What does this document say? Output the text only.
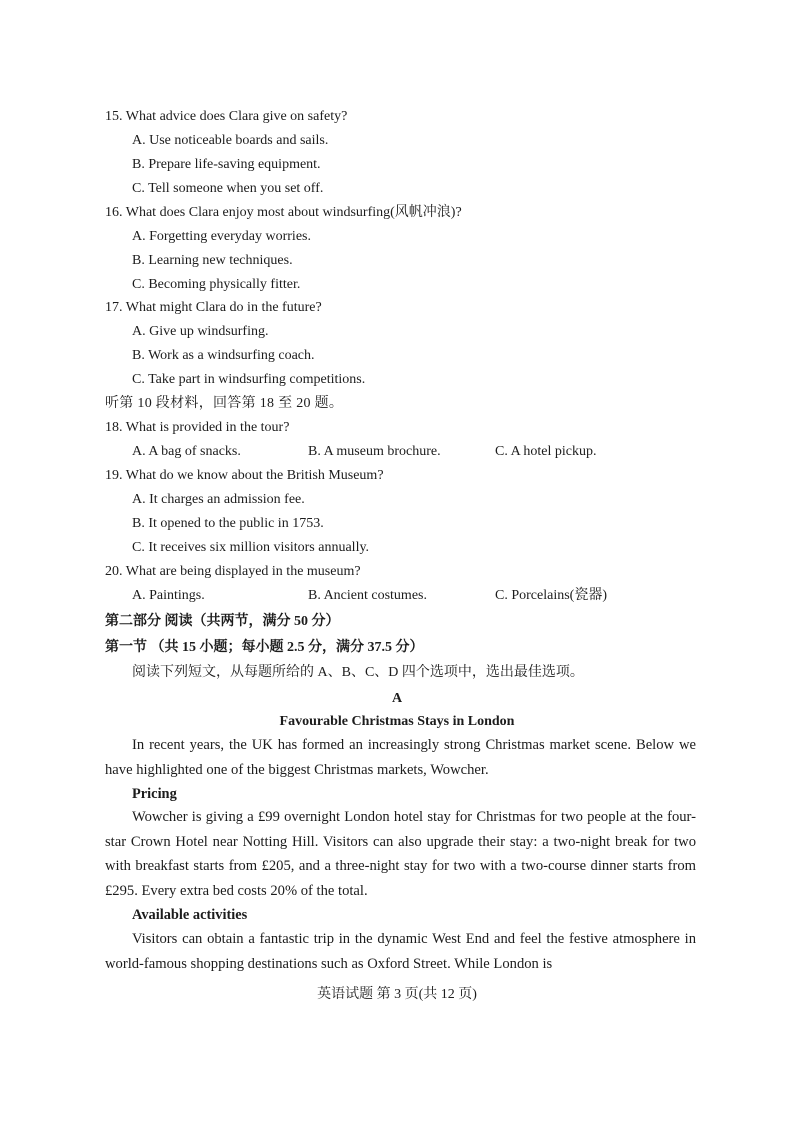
15. What advice does Clara give on safety?
A. Use noticeable boards and sails.
B. Prepare life-saving equipment.
C. Tell someone when you set off.
16. What does Clara enjoy most about windsurfing(风帆冲浪)?
A. Forgetting everyday worries.
B. Learning new techniques.
C. Becoming physically fitter.
17. What might Clara do in the future?
A. Give up windsurfing.
B. Work as a windsurfing coach.
C. Take part in windsurfing competitions.
听第 10 段材料，回答第 18 至 20 题。
18. What is provided in the tour?
A. A bag of snacks.	B. A museum brochure.	C. A hotel pickup.
19. What do we know about the British Museum?
A. It charges an admission fee.
B. It opened to the public in 1753.
C. It receives six million visitors annually.
20. What are being displayed in the museum?
A. Paintings.	B. Ancient costumes.	C. Porcelains(瓷器)
第二部分 阅读（共两节，满分 50 分）
第一节 （共 15 小题；每小题 2.5 分，满分 37.5 分）
阅读下列短文，从每题所给的 A、B、C、D 四个选项中，选出最佳选项。
A
Favourable Christmas Stays in London

In recent years, the UK has formed an increasingly strong Christmas market scene. Below we have highlighted one of the biggest Christmas markets, Wowcher.

Pricing

Wowcher is giving a £99 overnight London hotel stay for Christmas for two people at the four-star Crown Hotel near Notting Hill. Visitors can also upgrade their stay: a two-night break for two with breakfast starts from £205, and a three-night stay for two with a two-course dinner starts from £295. Every extra bed costs 20% of the total.

Available activities

Visitors can obtain a fantastic trip in the dynamic West End and feel the festive atmosphere in world-famous shopping destinations such as Oxford Street. While London is

英语试题 第 3 页(共 12 页)
